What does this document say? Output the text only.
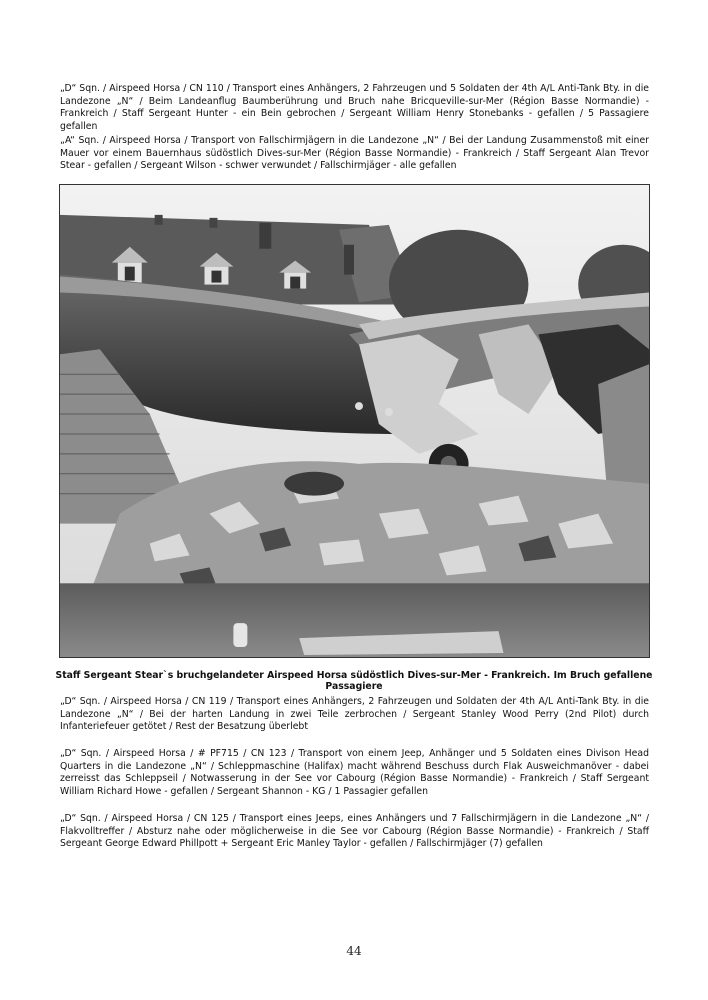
„D“ Sqn. / Airspeed Horsa / CN 110 / Transport eines Anhängers, 2 Fahrzeugen und 5 Soldaten der 4th A/L Anti-Tank Bty. in die Landezone „N“ / Beim Landeanflug Baumberührung und Bruch nahe Bricqueville-sur-Mer (Région Basse Normandie) - Frankreich / Staff Sergeant Hunter - ein Bein gebrochen / Sergeant William Henry Stonebanks - gefallen / 5 Passagiere gefallen

„A“ Sqn. / Airspeed Horsa / Transport von Fallschirmjägern in die Landezone „N“ / Bei der Landung Zusammenstoß mit einer Mauer vor einem Bauernhaus südöstlich Dives-sur-Mer (Région Basse Normandie) - Frankreich / Staff Sergeant Alan Trevor Stear - gefallen / Sergeant Wilson - schwer verwundet / Fallschirmjäger - alle gefallen

Staff Sergeant Stear`s bruchgelandeter Airspeed Horsa südöstlich Dives-sur-Mer - Frankreich. Im Bruch gefallene Passagiere

„D“ Sqn. / Airspeed Horsa / CN 119 / Transport eines Anhängers, 2 Fahrzeugen und Soldaten der 4th A/L Anti-Tank Bty. in die Landezone „N“ / Bei der harten Landung in zwei Teile zerbrochen / Sergeant Stanley Wood Perry (2nd Pilot) durch Infanteriefeuer getötet / Rest der Besatzung überlebt

„D“ Sqn. / Airspeed Horsa / # PF715 / CN 123 / Transport von einem Jeep, Anhänger und 5 Soldaten eines Divison Head Quarters in die Landezone „N“ / Schleppmaschine (Halifax) macht während Beschuss durch Flak Ausweichmanöver - dabei zerreisst das Schleppseil / Notwasserung in der See vor Cabourg (Région Basse Normandie) - Frankreich / Staff Sergeant William Richard Howe - gefallen / Sergeant Shannon - KG / 1 Passagier gefallen

„D“ Sqn. / Airspeed Horsa / CN 125 / Transport eines Jeeps, eines Anhängers und 7 Fallschirmjägern in die Landezone „N“ / Flakvolltreffer / Absturz nahe oder möglicherweise in die See vor Cabourg (Région Basse Normandie) - Frankreich / Staff Sergeant George Edward Phillpott + Sergeant Eric Manley Taylor - gefallen / Fallschirmjäger (7) gefallen

44
